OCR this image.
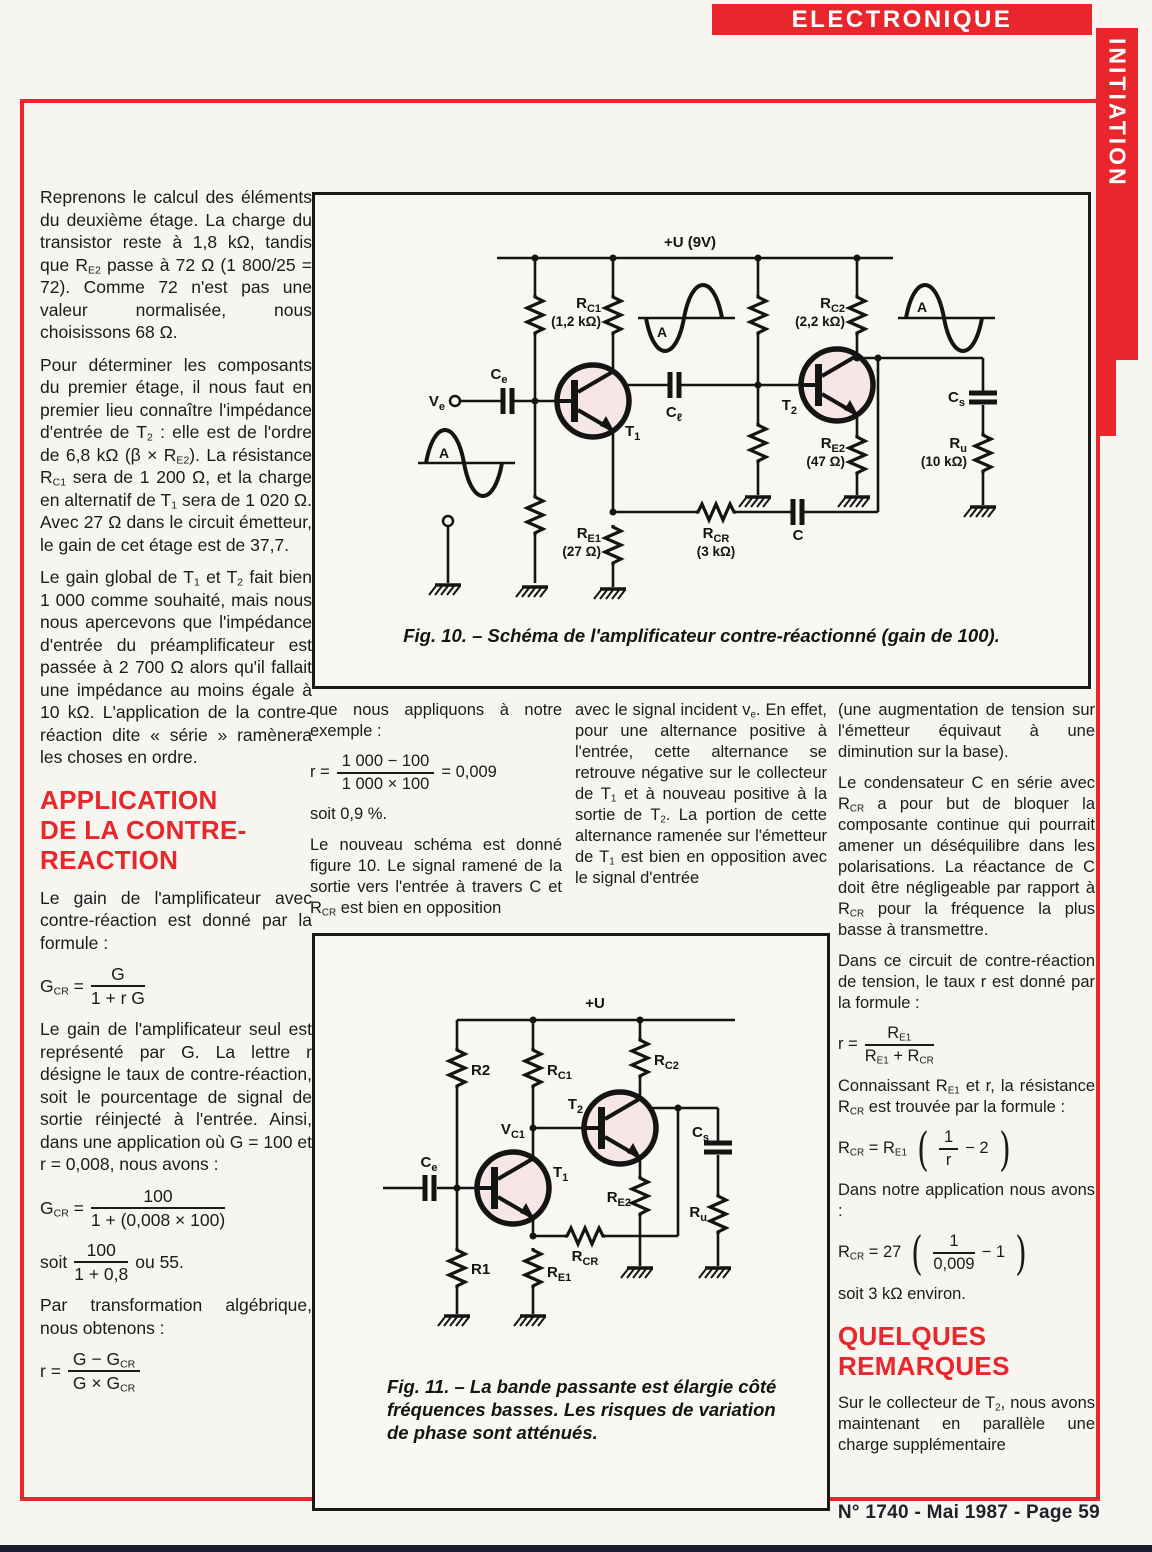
ELECTRONIQUE
INITIATION

Reprenons le calcul des éléments du deuxième étage. La charge du transistor reste à 1,8 kΩ, tandis que $R_{E2}$ passe à 72 Ω (1 800/25 = 72). Comme 72 n'est pas une valeur normalisée, nous choisissons 68 Ω.

Pour déterminer les composants du premier étage, il nous faut en premier lieu connaître l'impédance d'entrée de $T_2$ : elle est de l'ordre de 6,8 kΩ $(\beta \times R_{E2})$. La résistance $R_{C1}$ sera de 1 200 Ω, et la charge en alternatif de $T_1$ sera de 1 020 Ω. Avec 27 Ω dans le circuit émetteur, le gain de cet étage est de 37,7.

Le gain global de $T_1$ et $T_2$ fait bien 1 000 comme souhaité, mais nous nous apercevons que l'impédance d'entrée du préamplificateur est passée à 2 700 Ω alors qu'il fallait une impédance au moins égale à 10 kΩ. L'application de la contre-réaction dite « série » ramènera les choses en ordre.

APPLICATION
DE LA CONTRE-
REACTION

Le gain de l'amplificateur avec contre-réaction est donné par la formule :

$G_{CR} = \frac{G}{\text{1 + r G}}$

Le gain de l'amplificateur seul est représenté par G. La lettre r désigne le taux de contre-réaction, soit le pourcentage de signal de sortie réinjecté à l'entrée. Ainsi, dans une application où G = 100 et r = 0,008, nous avons :

$G_{CR} = \frac{100}{1 + (0,008 \times 100)}$
soit $\frac{100}{1 + 0,8}$ ou 55.

Par transformation algébrique, nous obtenons :

$r = \frac{G - G_{CR}}{G \times G_{CR}}$

que nous appliquons à notre exemple :

$r = \frac{1 000 - 100}{1 000 \times 100} = 0,009$

soit 0,9 %.

Le nouveau schéma est donné figure 10. Le signal ramené de la sortie vers l'entrée à travers C et $R_{CR}$ est bien en opposition

avec le signal incident $v_e$. En effet, pour une alternance positive à l'entrée, cette alternance se retrouve négative sur le collecteur de $T_1$ et à nouveau positive à la sortie de $T_2$. La portion de cette alternance ramenée sur l'émetteur de $T_1$ est bien en opposition avec le signal d'entrée

(une augmentation de tension sur l'émetteur équivaut à une diminution sur la base).

Le condensateur C en série avec $R_{CR}$ a pour but de bloquer la composante continue qui pourrait amener un déséquilibre dans les polarisations. La réactance de C doit être négligeable par rapport à $R_{CR}$ pour la fréquence la plus basse à transmettre.

Dans ce circuit de contre-réaction de tension, le taux r est donné par la formule :

$r = \frac{R_{E1}}{R_{E1} + R_{CR}}$

Connaissant $R_{E1}$ et r, la résistance $R_{CR}$ est trouvée par la formule :

$R_{CR} = R_{E1}$ ( $\frac{1}{r} - 2$ )

Dans notre application nous avons :

$R_{CR} = 27$ ( $\frac{1}{0,009} - 1$ )

soit 3 kΩ environ.

QUELQUES
REMARQUES

Sur le collecteur de $T_2$, nous avons maintenant en parallèle une charge supplémentaire

+U (9V)
A
A
A
$V_e$
$C_e$
$R_{C1}$
(1,2 kΩ)
$C_\ell$
$T_1$
$T_2$
$R_{C2}$
(2,2 kΩ)
$R_{E2}$
(47 Ω)
$C_s$
$R_u$
(10 kΩ)
$R_{E1}$
(27 Ω)
$R_{CR}$
(3 kΩ)
C
Fig. 10. – Schéma de l'amplificateur contre-réactionné (gain de 100).
+U
R2	$R_{C1}$
$R_{C2}$
$T_2$
$V_{C1}$
$T_1$
$C_e$
$C_s$
$R_{E2}$
$R_u$
R1	$R_{E1}$
$R_{CR}$
Fig. 11. – La bande passante est élargie côté fréquences basses. Les risques de variation de phase sont atténués.
N° 1740 - Mai 1987 - Page 59
